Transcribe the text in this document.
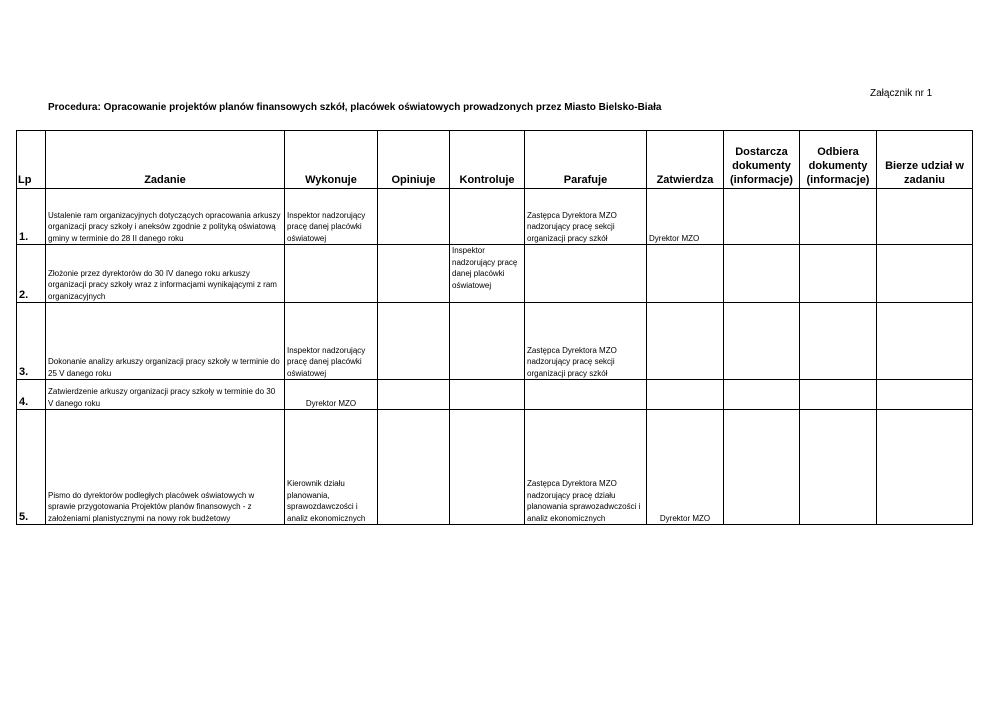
Załącznik nr 1
Procedura: Opracowanie projektów planów finansowych szkół, placówek oświatowych prowadzonych przez Miasto Bielsko-Biała
Lp	Zadanie	Wykonuje	Opiniuje	Kontroluje	Parafuje	Zatwierdza	Dostarcza dokumenty (informacje)	Odbiera dokumenty (informacje)	Bierze udział w zadaniu
1.	Ustalenie ram organizacyjnych dotyczących opracowania arkuszy organizacji pracy szkoły i aneksów zgodnie z polityką oświatową gminy w terminie do 28 II danego roku	Inspektor nadzorujący pracę danej placówki oświatowej			Zastępca Dyrektora MZO nadzorujący pracę sekcji organizacji pracy szkół	Dyrektor MZO			
2.	Złożonie przez dyrektorów do 30 IV danego roku arkuszy organizacji pracy szkoły wraz z informacjami wynikającymi z ram organizacyjnych			Inspektor nadzorujący pracę danej placówki oświatowej					
3.	Dokonanie analizy arkuszy organizacji pracy szkoły w terminie do 25 V danego roku	Inspektor nadzorujący pracę danej placówki oświatowej			Zastępca Dyrektora MZO nadzorujący pracę sekcji organizacji pracy szkół				
4.	Zatwierdzenie arkuszy organizacji pracy szkoły w terminie do 30 V danego roku	Dyrektor MZO							
5.	Pismo do dyrektorów podległych placówek oświatowych w sprawie przygotowania Projektów planów finansowych - z założeniami planistycznymi na nowy rok budżetowy	Kierownik działu planowania, sprawozdawczości i analiz ekonomicznych			Zastępca Dyrektora MZO nadzorujący pracę działu planowania sprawozadwczości i analiz ekonomicznych	Dyrektor MZO			
